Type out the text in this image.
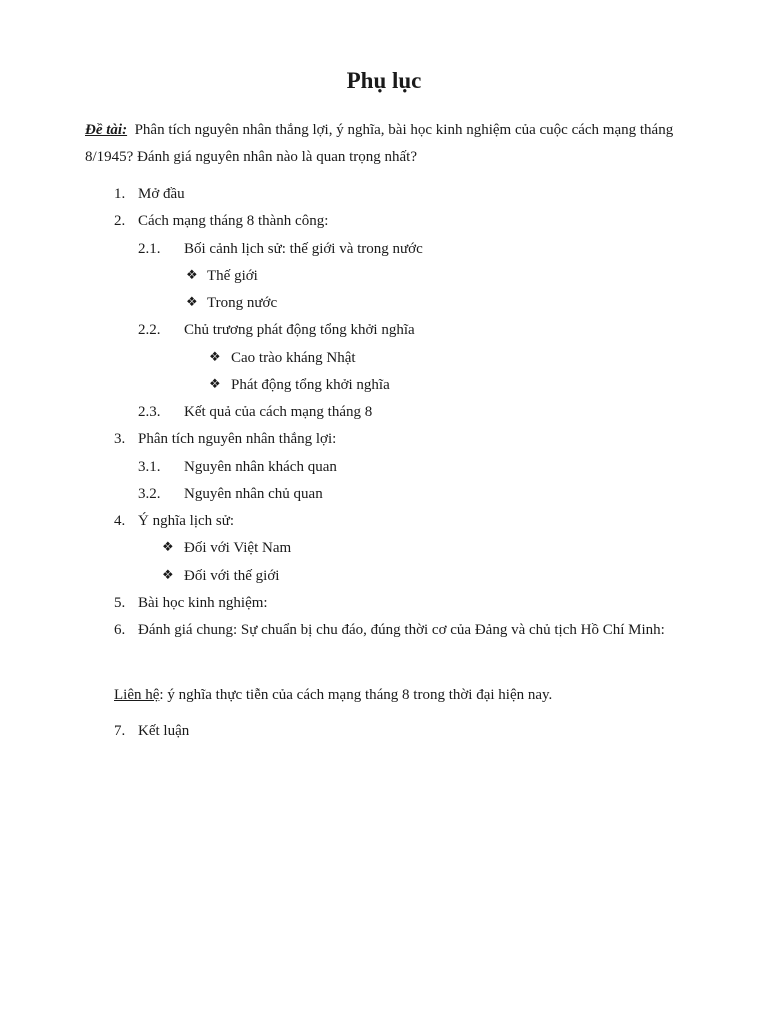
Phụ lục
Đề tài: Phân tích nguyên nhân thắng lợi, ý nghĩa, bài học kinh nghiệm của cuộc cách mạng tháng 8/1945? Đánh giá nguyên nhân nào là quan trọng nhất?
1. Mở đầu
2. Cách mạng tháng 8 thành công:
2.1. Bối cảnh lịch sử: thế giới và trong nước
❖ Thế giới
❖ Trong nước
2.2. Chủ trương phát động tổng khởi nghĩa
❖ Cao trào kháng Nhật
❖ Phát động tổng khởi nghĩa
2.3. Kết quả của cách mạng tháng 8
3. Phân tích nguyên nhân thắng lợi:
3.1. Nguyên nhân khách quan
3.2. Nguyên nhân chủ quan
4. Ý nghĩa lịch sử:
❖ Đối với Việt Nam
❖ Đối với thế giới
5. Bài học kinh nghiệm:
6. Đánh giá chung: Sự chuẩn bị chu đáo, đúng thời cơ của Đảng và chủ tịch Hồ Chí Minh:
Liên hệ: ý nghĩa thực tiễn của cách mạng tháng 8 trong thời đại hiện nay.
7. Kết luận
